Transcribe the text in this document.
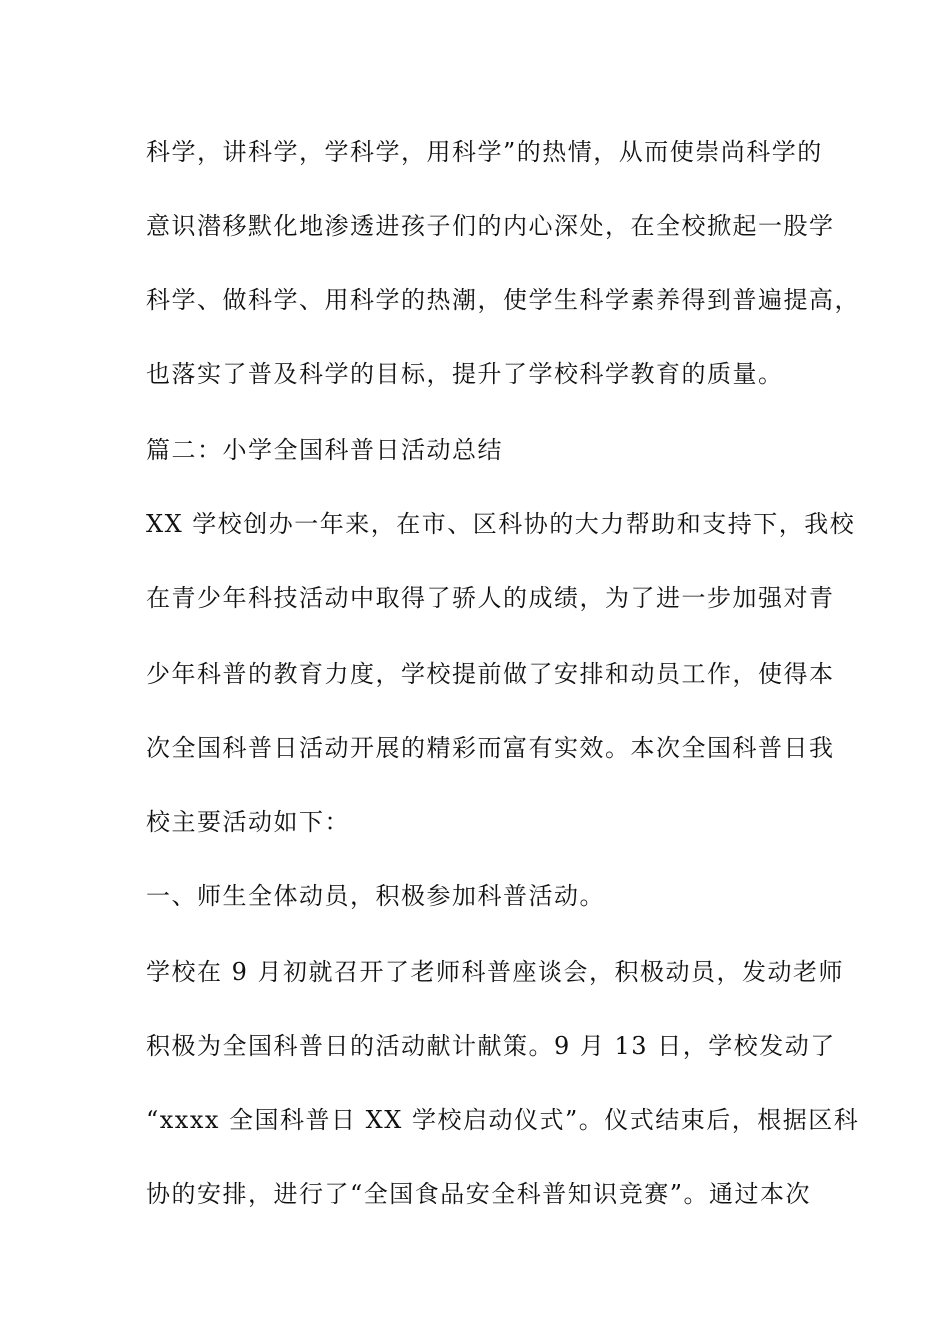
科学，讲科学，学科学，用科学”的热情，从而使崇尚科学的
意识潜移默化地渗透进孩子们的内心深处，在全校掀起一股学
科学、做科学、用科学的热潮，使学生科学素养得到普遍提高，
也落实了普及科学的目标，提升了学校科学教育的质量。
篇二：小学全国科普日活动总结
XX 学校创办一年来，在市、区科协的大力帮助和支持下，我校
在青少年科技活动中取得了骄人的成绩，为了进一步加强对青
少年科普的教育力度，学校提前做了安排和动员工作，使得本
次全国科普日活动开展的精彩而富有实效。本次全国科普日我
校主要活动如下：
一、师生全体动员，积极参加科普活动。
学校在 9 月初就召开了老师科普座谈会，积极动员，发动老师
积极为全国科普日的活动献计献策。9 月 13 日，学校发动了
“xxxx 全国科普日 XX 学校启动仪式”。仪式结束后，根据区科
协的安排，进行了“全国食品安全科普知识竞赛”。通过本次
